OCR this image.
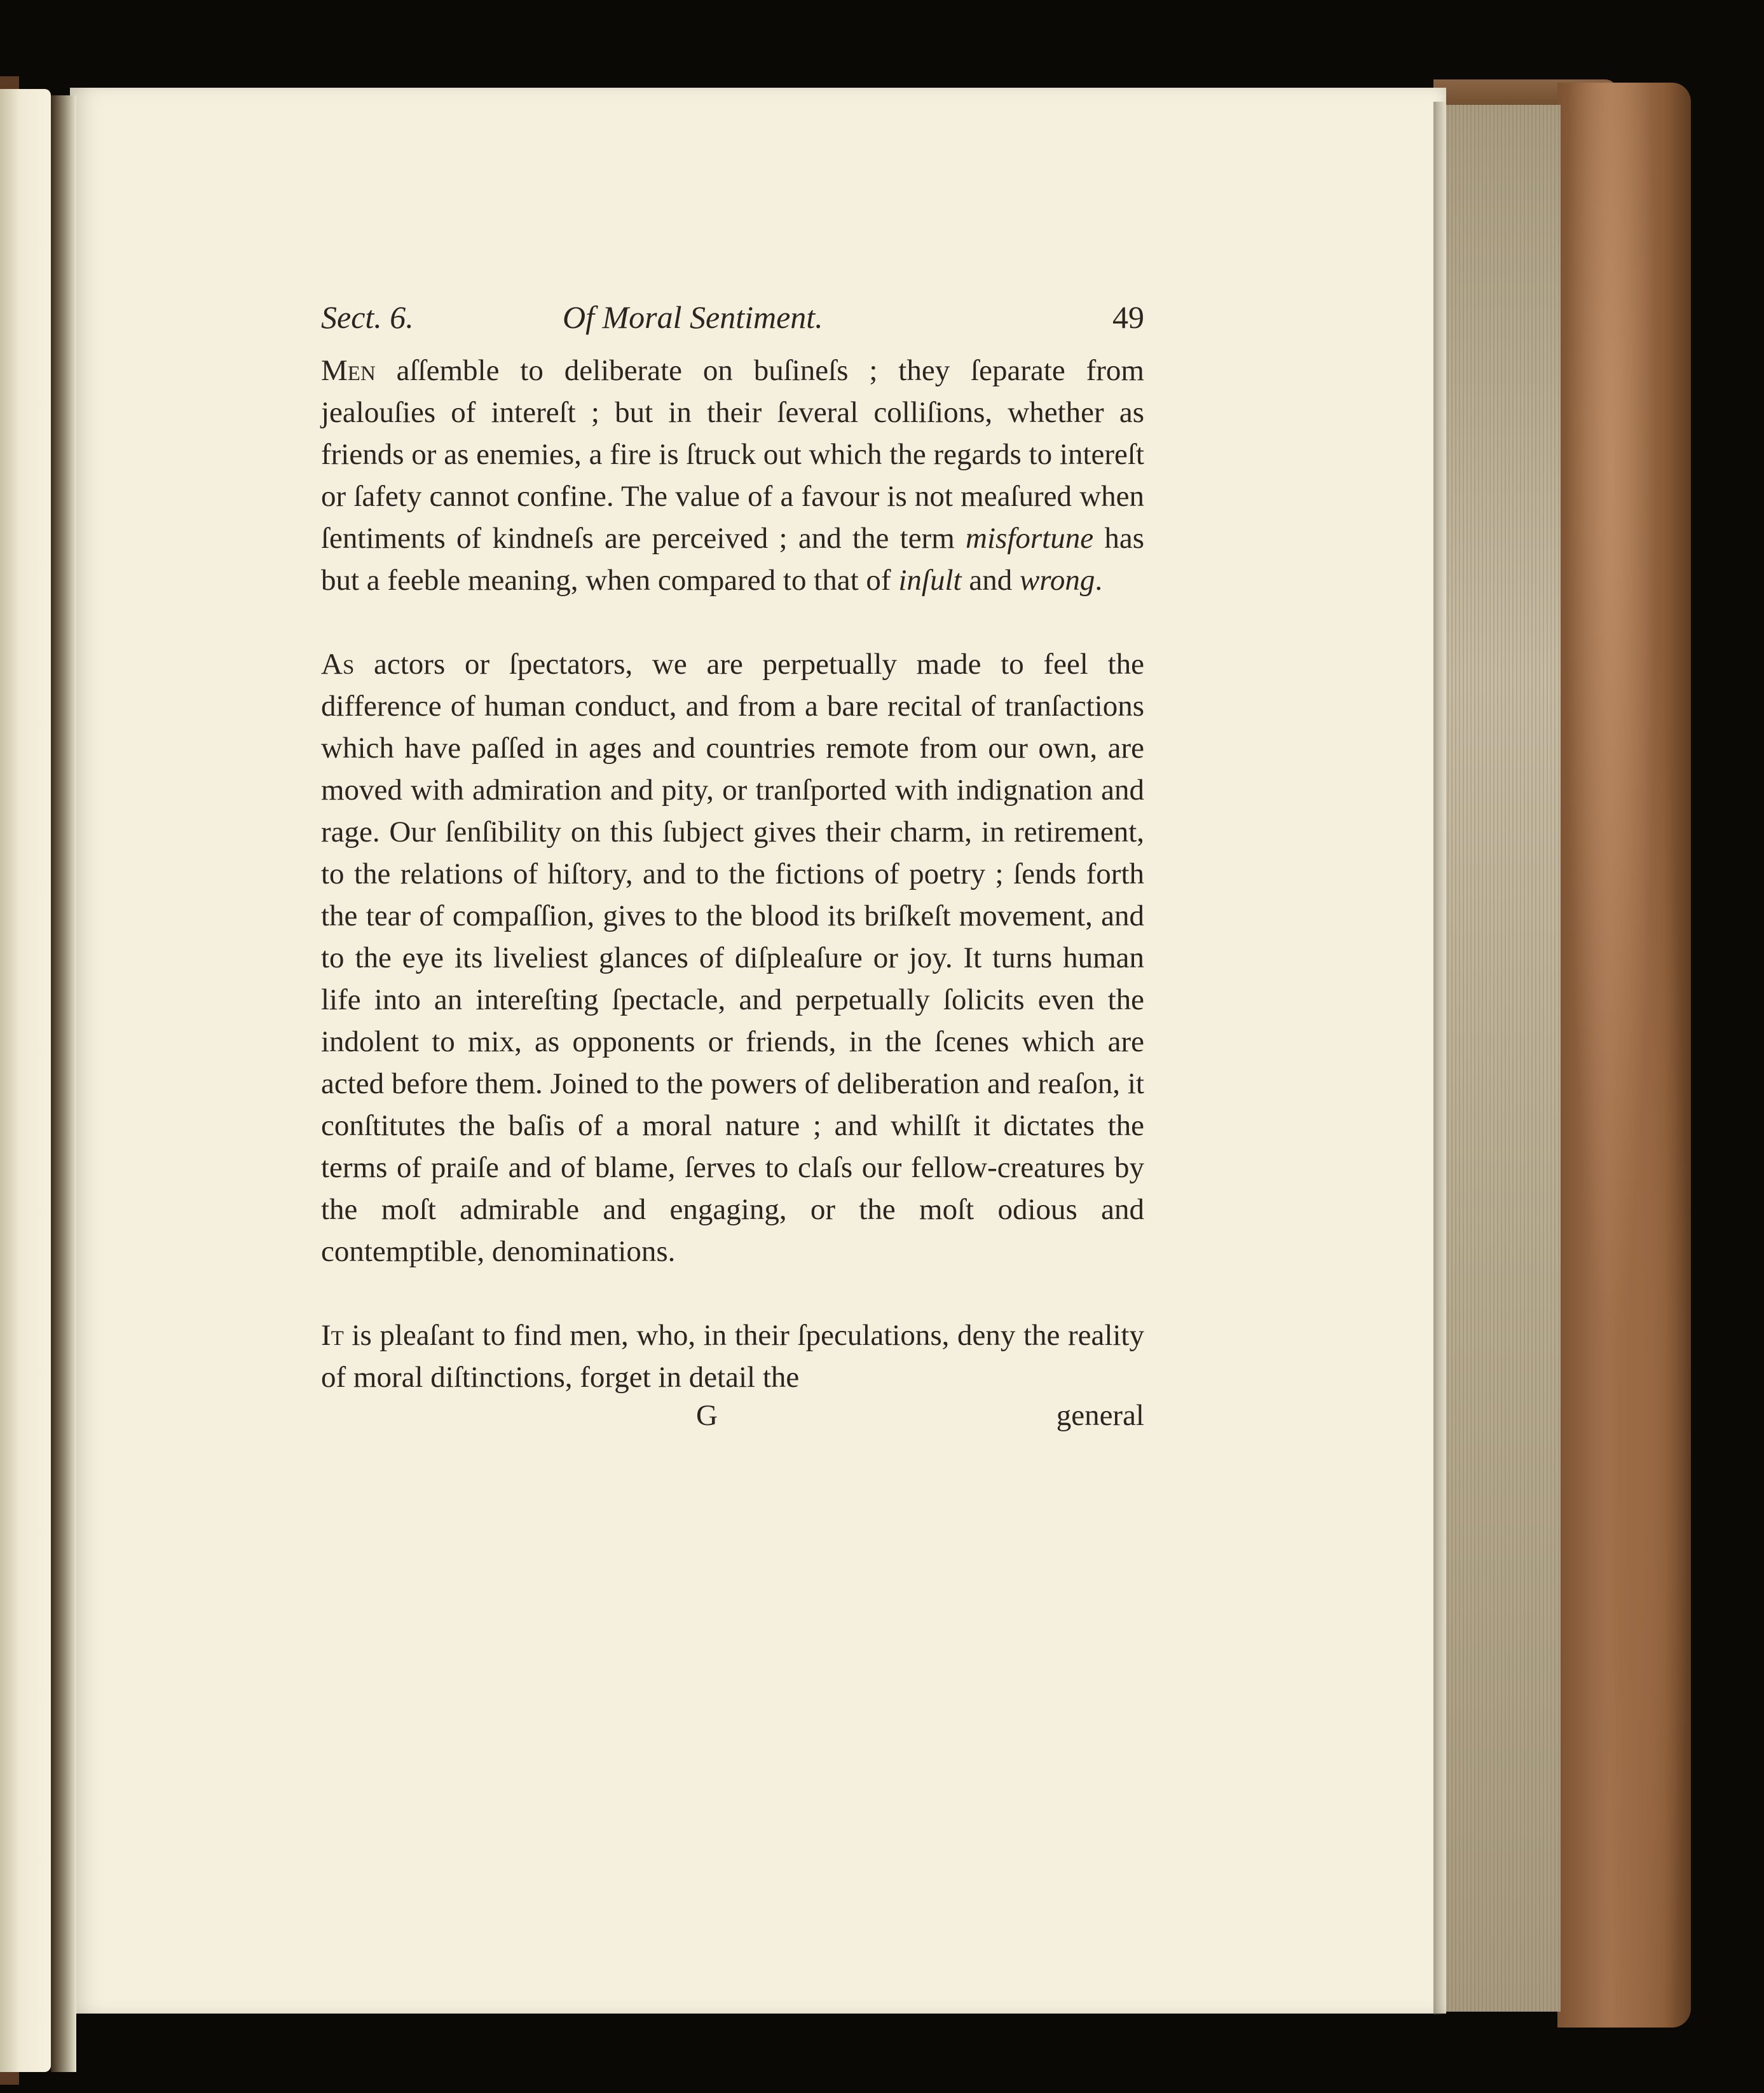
Sect. 6.	Of Moral Sentiment.	49

Men aſſemble to deliberate on buſineſs ; they ſeparate from jealouſies of intereſt ; but in their ſeveral colliſions, whether as friends or as enemies, a fire is ſtruck out which the regards to intereſt or ſafety cannot confine. The value of a favour is not meaſured when ſentiments of kindneſs are perceived ; and the term misfortune has but a feeble meaning, when compared to that of inſult and wrong.

As actors or ſpectators, we are perpetually made to feel the difference of human conduct, and from a bare recital of tranſactions which have paſſed in ages and countries remote from our own, are moved with admiration and pity, or tranſported with indignation and rage. Our ſenſibility on this ſubject gives their charm, in retirement, to the relations of hiſtory, and to the fictions of poetry ; ſends forth the tear of compaſſion, gives to the blood its briſkeſt movement, and to the eye its liveliest glances of diſpleaſure or joy. It turns human life into an intereſting ſpectacle, and perpetually ſolicits even the indolent to mix, as opponents or friends, in the ſcenes which are acted before them. Joined to the powers of deliberation and reaſon, it conſtitutes the baſis of a moral nature ; and whilſt it dictates the terms of praiſe and of blame, ſerves to claſs our fellow-creatures by the moſt admirable and engaging, or the moſt odious and contemptible, denominations.

It is pleaſant to find men, who, in their ſpeculations, deny the reality of moral diſtinctions, forget in detail the

G	general
